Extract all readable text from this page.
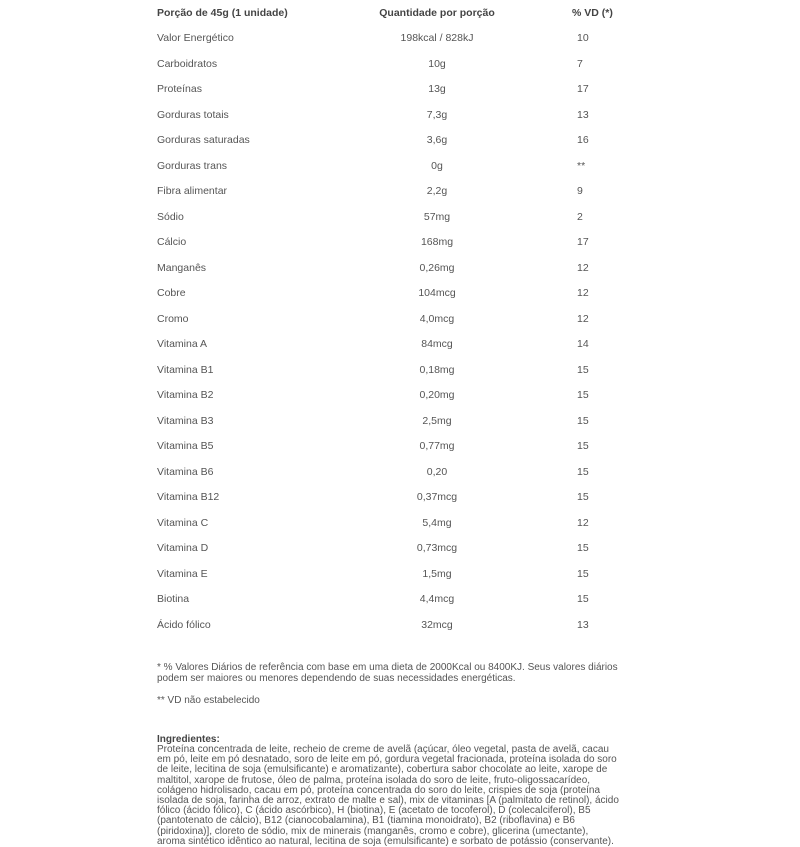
Porção de 45g (1 unidade)	Quantidade por porção	% VD (*)
Valor Energético	198kcal / 828kJ	10
Carboidratos	10g	7
Proteínas	13g	17
Gorduras totais	7,3g	13
Gorduras saturadas	3,6g	16
Gorduras trans	0g	**
Fibra alimentar	2,2g	9
Sódio	57mg	2
Cálcio	168mg	17
Manganês	0,26mg	12
Cobre	104mcg	12
Cromo	4,0mcg	12
Vitamina A	84mcg	14
Vitamina B1	0,18mg	15
Vitamina B2	0,20mg	15
Vitamina B3	2,5mg	15
Vitamina B5	0,77mg	15
Vitamina B6	0,20	15
Vitamina B12	0,37mcg	15
Vitamina C	5,4mg	12
Vitamina D	0,73mcg	15
Vitamina E	1,5mg	15
Biotina	4,4mcg	15
Ácido fólico	32mcg	13

* % Valores Diários de referência com base em uma dieta de 2000Kcal ou 8400KJ. Seus valores diários podem ser maiores ou menores dependendo de suas necessidades energéticas.

** VD não estabelecido

Ingredientes:
Proteína concentrada de leite, recheio de creme de avelã (açúcar, óleo vegetal, pasta de avelã, cacau em pó, leite em pó desnatado, soro de leite em pó, gordura vegetal fracionada, proteína isolada do soro de leite, lecitina de soja (emulsificante) e aromatizante), cobertura sabor chocolate ao leite, xarope de maltitol, xarope de frutose, óleo de palma, proteína isolada do soro de leite, fruto-oligossacarídeo, colágeno hidrolisado, cacau em pó, proteína concentrada do soro do leite, crispies de soja (proteína isolada de soja, farinha de arroz, extrato de malte e sal), mix de vitaminas [A (palmitato de retinol), ácido fólico (ácido fólico), C (ácido ascórbico), H (biotina), E (acetato de tocoferol), D (colecalciferol), B5 (pantotenato de cálcio), B12 (cianocobalamina), B1 (tiamina monoidrato), B2 (riboflavina) e B6 (piridoxina)], cloreto de sódio, mix de minerais (manganês, cromo e cobre), glicerina (umectante), aroma sintético idêntico ao natural, lecitina de soja (emulsificante) e sorbato de potássio (conservante).
